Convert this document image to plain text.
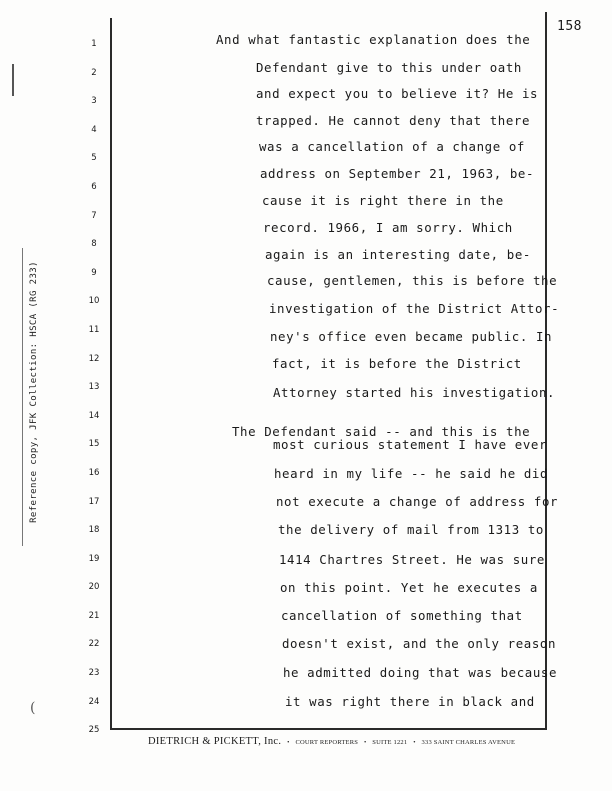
Reference copy, JFK Collection: HSCA (RG 233)
(
158
1
2
3
4
5
6
7
8
9
10
11
12
13
14
15
16
17
18
19
20
21
22
23
24
25
And what fantastic explanation does the
Defendant give to this under oath
and expect you to believe it? He is
trapped. He cannot deny that there
was a cancellation of a change of
address on September 21, 1963, be-
cause it is right there in the
record. 1966, I am sorry. Which
again is an interesting date, be-
cause, gentlemen, this is before the
investigation of the District Attor-
ney's office even became public. In
fact, it is before the District
Attorney started his investigation.
The Defendant said -- and this is the
most curious statement I have ever
heard in my life -- he said he did
not execute a change of address for
the delivery of mail from 1313 to
1414 Chartres Street. He was sure
on this point. Yet he executes a
cancellation of something that
doesn't exist, and the only reason
he admitted doing that was because
it was right there in black and
DIETRICH & PICKETT, Inc. • COURT REPORTERS • SUITE 1221 • 333 SAINT CHARLES AVENUE
